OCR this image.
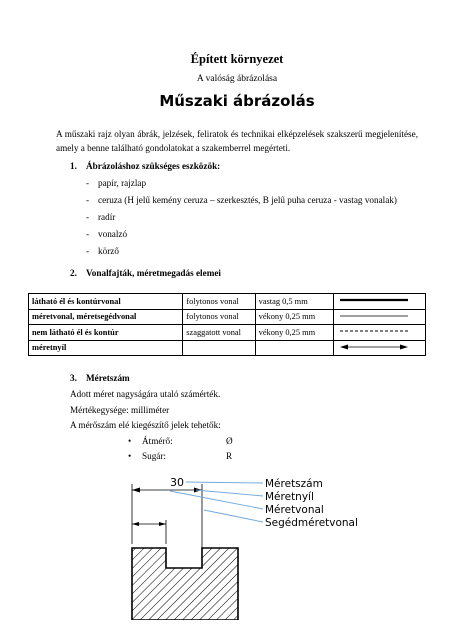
Épített környezet
A valóság ábrázolása
Műszaki ábrázolás
A műszaki rajz olyan ábrák, jelzések, feliratok és technikai elképzelések szakszerű megjelenítése, amely a benne található gondolatokat a szakemberrel megérteti.
1. Ábrázoláshoz szükséges eszközök:
- papír, rajzlap
- ceruza (H jelű kemény ceruza – szerkesztés, B jelű puha ceruza - vastag vonalak)
- radír
- vonalzó
- körző
2. Vonalfajták, méretmegadás elemei
látható él és kontúrvonal	folytonos vonal	vastag 0,5 mm	
méretvonal, méretsegédvonal	folytonos vonal	vékony 0,25 mm	
nem látható él és kontúr	szaggatott vonal	vékony 0,25 mm	
méretnyíl			
3. Méretszám
Adott méret nagyságára utaló számérték.
Mértékegysége: milliméter
A mérőszám elé kiegészítő jelek tehetők:
• Átmérő:	Ø
• Sugár:	R
30	Méretszám
Méretnyíl
Méretvonal
Segédméretvonal
